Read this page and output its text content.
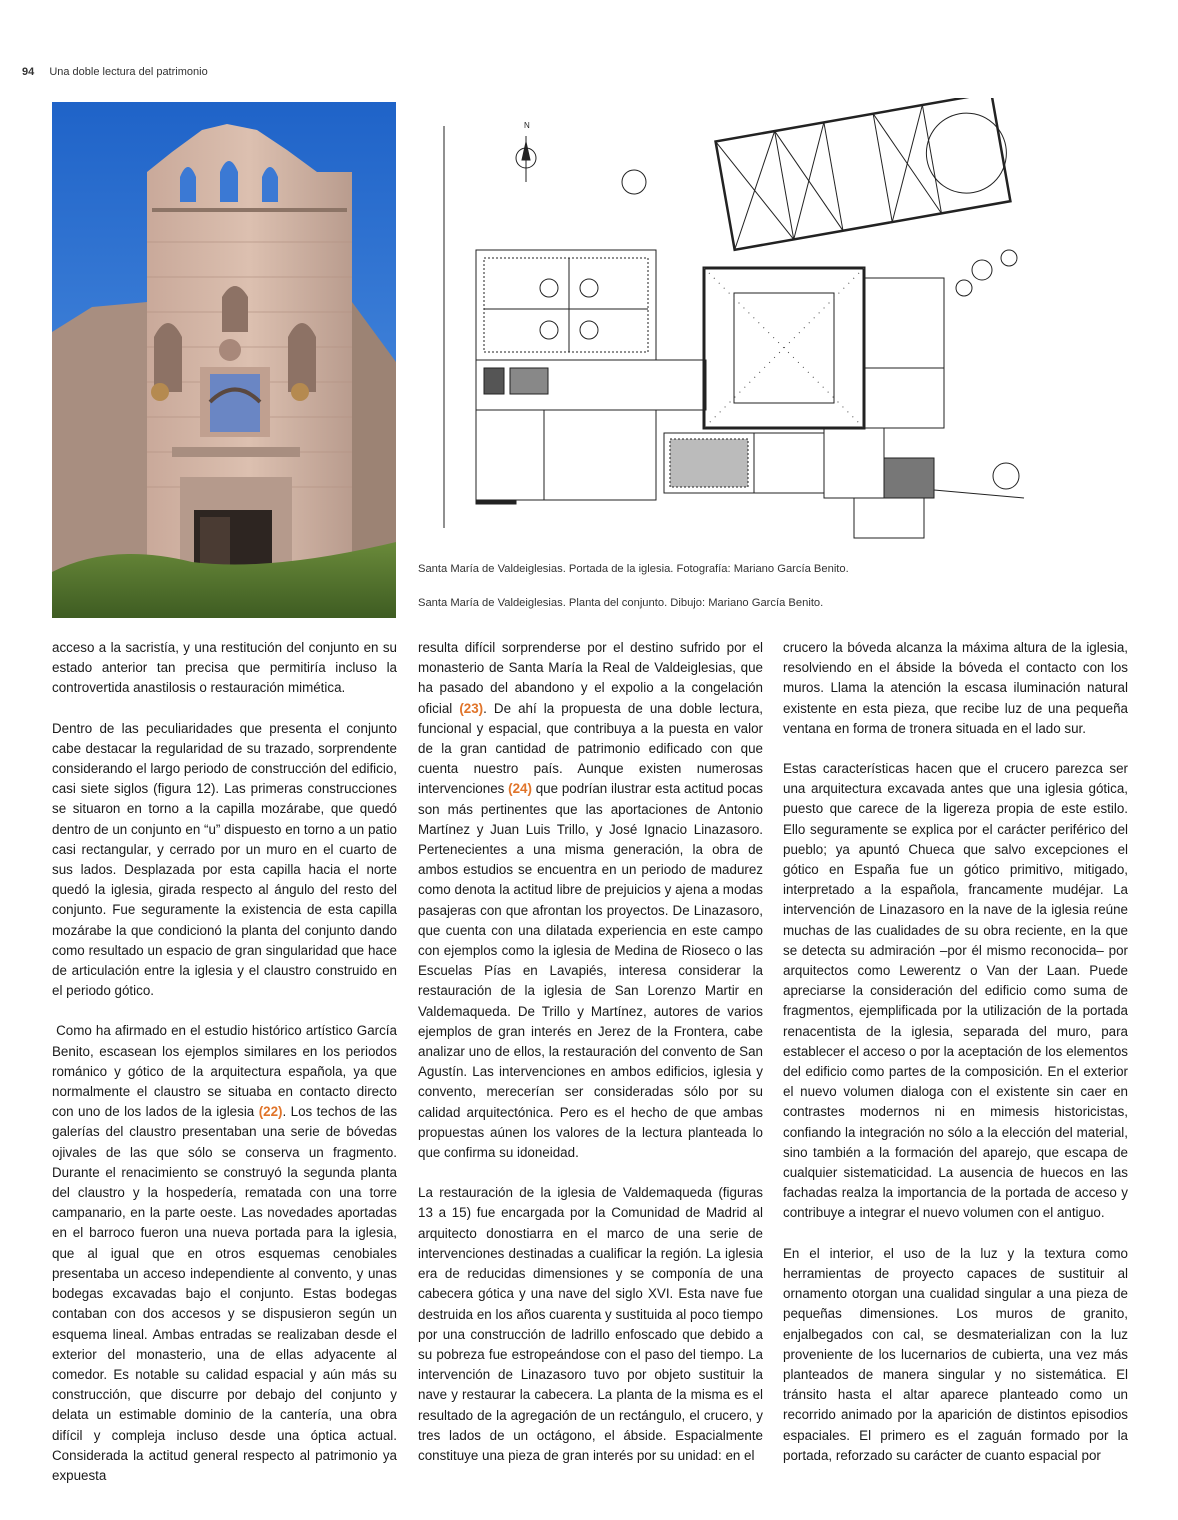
94 Una doble lectura del patrimonio
N
Santa María de Valdeiglesias. Portada de la iglesia. Fotografía: Mariano García Benito.
Santa María de Valdeiglesias. Planta del conjunto. Dibujo: Mariano García Benito.

acceso a la sacristía, y una restitución del conjunto en su estado anterior tan precisa que permitiría incluso la controvertida anastilosis o restauración mimética.

Dentro de las peculiaridades que presenta el conjunto cabe destacar la regularidad de su trazado, sorprendente considerando el largo periodo de construcción del edificio, casi siete siglos (figura 12). Las primeras construcciones se situaron en torno a la capilla mozárabe, que quedó dentro de un conjunto en “u” dispuesto en torno a un patio casi rectangular, y cerrado por un muro en el cuarto de sus lados. Desplazada por esta capilla hacia el norte quedó la iglesia, girada respecto al ángulo del resto del conjunto. Fue seguramente la existencia de esta capilla mozárabe la que condicionó la planta del conjunto dando como resultado un espacio de gran singularidad que hace de articulación entre la iglesia y el claustro construido en el periodo gótico.

Como ha afirmado en el estudio histórico artístico García Benito, escasean los ejemplos similares en los periodos románico y gótico de la arquitectura española, ya que normalmente el claustro se situaba en contacto directo con uno de los lados de la iglesia (22). Los techos de las galerías del claustro presentaban una serie de bóvedas ojivales de las que sólo se conserva un fragmento. Durante el renacimiento se construyó la segunda planta del claustro y la hospedería, rematada con una torre campanario, en la parte oeste. Las novedades aportadas en el barroco fueron una nueva portada para la iglesia, que al igual que en otros esquemas cenobiales presentaba un acceso independiente al convento, y unas bodegas excavadas bajo el conjunto. Estas bodegas contaban con dos accesos y se dispusieron según un esquema lineal. Ambas entradas se realizaban desde el exterior del monasterio, una de ellas adyacente al comedor. Es notable su calidad espacial y aún más su construcción, que discurre por debajo del conjunto y delata un estimable dominio de la cantería, una obra difícil y compleja incluso desde una óptica actual. Considerada la actitud general respecto al patrimonio ya expuesta

resulta difícil sorprenderse por el destino sufrido por el monasterio de Santa María la Real de Valdeiglesias, que ha pasado del abandono y el expolio a la congelación oficial (23). De ahí la propuesta de una doble lectura, funcional y espacial, que contribuya a la puesta en valor de la gran cantidad de patrimonio edificado con que cuenta nuestro país. Aunque existen numerosas intervenciones (24) que podrían ilustrar esta actitud pocas son más pertinentes que las aportaciones de Antonio Martínez y Juan Luis Trillo, y José Ignacio Linazasoro. Pertenecientes a una misma generación, la obra de ambos estudios se encuentra en un periodo de madurez como denota la actitud libre de prejuicios y ajena a modas pasajeras con que afrontan los proyectos. De Linazasoro, que cuenta con una dilatada experiencia en este campo con ejemplos como la iglesia de Medina de Rioseco o las Escuelas Pías en Lavapiés, interesa considerar la restauración de la iglesia de San Lorenzo Martir en Valdemaqueda. De Trillo y Martínez, autores de varios ejemplos de gran interés en Jerez de la Frontera, cabe analizar uno de ellos, la restauración del convento de San Agustín. Las intervenciones en ambos edificios, iglesia y convento, merecerían ser consideradas sólo por su calidad arquitectónica. Pero es el hecho de que ambas propuestas aúnen los valores de la lectura planteada lo que confirma su idoneidad.

La restauración de la iglesia de Valdemaqueda (figuras 13 a 15) fue encargada por la Comunidad de Madrid al arquitecto donostiarra en el marco de una serie de intervenciones destinadas a cualificar la región. La iglesia era de reducidas dimensiones y se componía de una cabecera gótica y una nave del siglo XVI. Esta nave fue destruida en los años cuarenta y sustituida al poco tiempo por una construcción de ladrillo enfoscado que debido a su pobreza fue estropeándose con el paso del tiempo. La intervención de Linazasoro tuvo por objeto sustituir la nave y restaurar la cabecera. La planta de la misma es el resultado de la agregación de un rectángulo, el crucero, y tres lados de un octágono, el ábside. Espacialmente constituye una pieza de gran interés por su unidad: en el

crucero la bóveda alcanza la máxima altura de la iglesia, resolviendo en el ábside la bóveda el contacto con los muros. Llama la atención la escasa iluminación natural existente en esta pieza, que recibe luz de una pequeña ventana en forma de tronera situada en el lado sur.

Estas características hacen que el crucero parezca ser una arquitectura excavada antes que una iglesia gótica, puesto que carece de la ligereza propia de este estilo. Ello seguramente se explica por el carácter periférico del pueblo; ya apuntó Chueca que salvo excepciones el gótico en España fue un gótico primitivo, mitigado, interpretado a la española, francamente mudéjar. La intervención de Linazasoro en la nave de la iglesia reúne muchas de las cualidades de su obra reciente, en la que se detecta su admiración –por él mismo reconocida– por arquitectos como Lewerentz o Van der Laan. Puede apreciarse la consideración del edificio como suma de fragmentos, ejemplificada por la utilización de la portada renacentista de la iglesia, separada del muro, para establecer el acceso o por la aceptación de los elementos del edificio como partes de la composición. En el exterior el nuevo volumen dialoga con el existente sin caer en contrastes modernos ni en mimesis historicistas, confiando la integración no sólo a la elección del material, sino también a la formación del aparejo, que escapa de cualquier sistematicidad. La ausencia de huecos en las fachadas realza la importancia de la portada de acceso y contribuye a integrar el nuevo volumen con el antiguo.

En el interior, el uso de la luz y la textura como herramientas de proyecto capaces de sustituir al ornamento otorgan una cualidad singular a una pieza de pequeñas dimensiones. Los muros de granito, enjalbegados con cal, se desmaterializan con la luz proveniente de los lucernarios de cubierta, una vez más planteados de manera singular y no sistemática. El tránsito hasta el altar aparece planteado como un recorrido animado por la aparición de distintos episodios espaciales. El primero es el zaguán formado por la portada, reforzado su carácter de cuanto espacial por
